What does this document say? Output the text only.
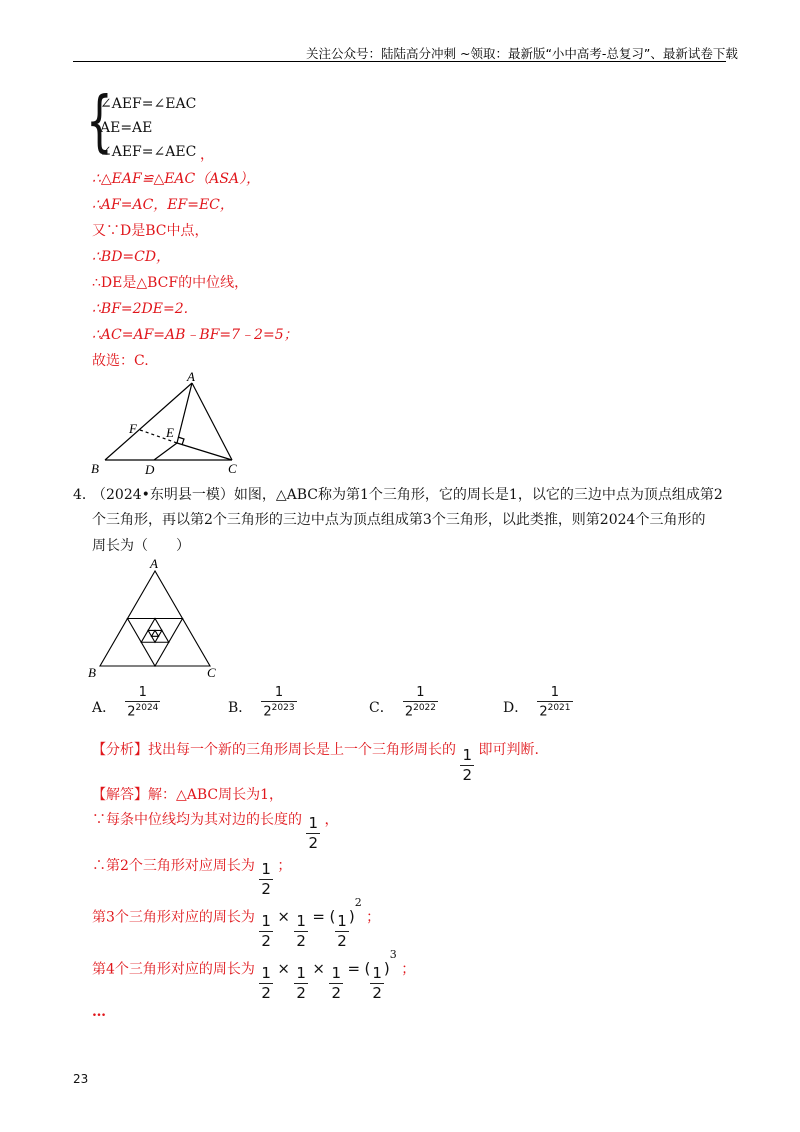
关注公众号：陆陆高分冲刺 ~领取：最新版“小中高考-总复习”、最新试卷下载
{
∠AEF=∠EAC
AE=AE
∠AEF=∠AEC ，
∴△EAF≌△EAC（ASA），
∴AF=AC，EF=EC，
又∵D是BC中点，
∴BD=CD，
∴DE是△BCF的中位线，
∴BF=2DE=2.
∴AC=AF=AB﹣BF=7﹣2=5；
故选：C.
A
F E
B	D	C
4．
（2024•东明县一模）如图，△ABC称为第1个三角形，它的周长是1，以它的三边中点为顶点组成第2
个三角形，再以第2个三角形的三边中点为顶点组成第3个三角形，以此类推，则第2024个三角形的
周长为（　　）
A
B	C
A． $\frac{1}{2^{2024}}$	B． $\frac{1}{2^{2023}}$	C． $\frac{1}{2^{2022}}$	D． $\frac{1}{2^{2021}}$
【分析】找出每一个新的三角形周长是上一个三角形周长的 $\frac{1}{2}$ 即可判断.
【解答】解：△ABC周长为1，
∵每条中位线均为其对边的长度的 $\frac{1}{2}$ ，
∴第2个三角形对应周长为 $\frac{1}{2}$ ；
第3个三角形对应的周长为 $\frac{1}{2} \times \frac{1}{2}$ = ( $\frac{1}{2} )^2$ ；
第4个三角形对应的周长为 $\frac{1}{2} \times \frac{1}{2} \times \frac{1}{2}$ = ( $\frac{1}{2} )^3$ ；
…
23
